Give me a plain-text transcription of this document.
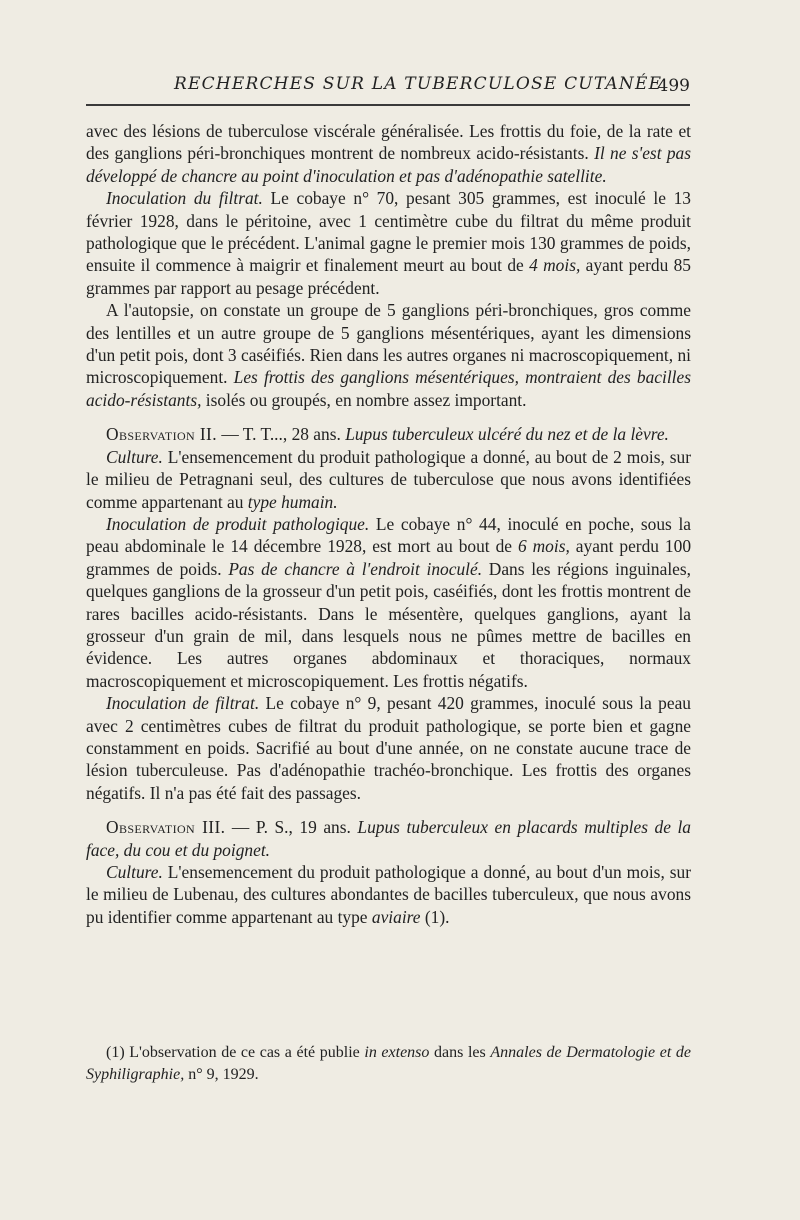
RECHERCHES SUR LA TUBERCULOSE CUTANÉE
499

avec des lésions de tuberculose viscérale généralisée. Les frottis du foie, de la rate et des ganglions péri-bronchiques montrent de nombreux acido-résistants. Il ne s'est pas développé de chancre au point d'inoculation et pas d'adénopathie satellite.

Inoculation du filtrat. Le cobaye n° 70, pesant 305 grammes, est inoculé le 13 février 1928, dans le péritoine, avec 1 centimètre cube du filtrat du même produit pathologique que le précédent. L'animal gagne le premier mois 130 grammes de poids, ensuite il commence à maigrir et finalement meurt au bout de 4 mois, ayant perdu 85 grammes par rapport au pesage précédent.

A l'autopsie, on constate un groupe de 5 ganglions péri-bronchiques, gros comme des lentilles et un autre groupe de 5 ganglions mésentériques, ayant les dimensions d'un petit pois, dont 3 caséifiés. Rien dans les autres organes ni macroscopiquement, ni microscopiquement. Les frottis des ganglions mésentériques, montraient des bacilles acido-résistants, isolés ou groupés, en nombre assez important.

Observation II. — T. T..., 28 ans. Lupus tuberculeux ulcéré du nez et de la lèvre.

Culture. L'ensemencement du produit pathologique a donné, au bout de 2 mois, sur le milieu de Petragnani seul, des cultures de tuberculose que nous avons identifiées comme appartenant au type humain.

Inoculation de produit pathologique. Le cobaye n° 44, inoculé en poche, sous la peau abdominale le 14 décembre 1928, est mort au bout de 6 mois, ayant perdu 100 grammes de poids. Pas de chancre à l'endroit inoculé. Dans les régions inguinales, quelques ganglions de la grosseur d'un petit pois, caséifiés, dont les frottis montrent de rares bacilles acido-résistants. Dans le mésentère, quelques ganglions, ayant la grosseur d'un grain de mil, dans lesquels nous ne pûmes mettre de bacilles en évidence. Les autres organes abdominaux et thoraciques, normaux macroscopiquement et microscopiquement. Les frottis négatifs.

Inoculation de filtrat. Le cobaye n° 9, pesant 420 grammes, inoculé sous la peau avec 2 centimètres cubes de filtrat du produit pathologique, se porte bien et gagne constamment en poids. Sacrifié au bout d'une année, on ne constate aucune trace de lésion tuberculeuse. Pas d'adénopathie trachéo-bronchique. Les frottis des organes négatifs. Il n'a pas été fait des passages.

Observation III. — P. S., 19 ans. Lupus tuberculeux en placards multiples de la face, du cou et du poignet.

Culture. L'ensemencement du produit pathologique a donné, au bout d'un mois, sur le milieu de Lubenau, des cultures abondantes de bacilles tuberculeux, que nous avons pu identifier comme appartenant au type aviaire (1).

(1) L'observation de ce cas a été publie in extenso dans les Annales de Dermatologie et de Syphiligraphie, n° 9, 1929.
